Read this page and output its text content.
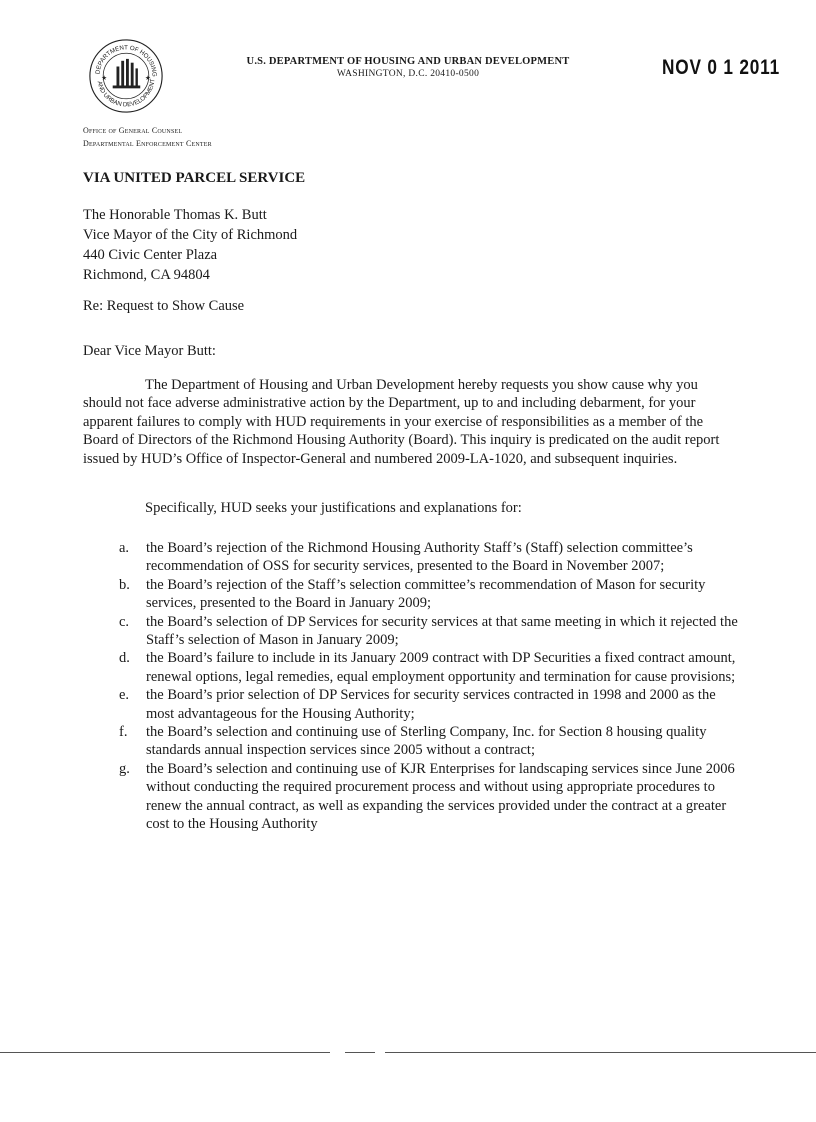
DEPARTMENT OF HOUSING
AND URBAN DEVELOPMENT
★	★
U.S. DEPARTMENT OF HOUSING AND URBAN DEVELOPMENT
WASHINGTON, D.C. 20410-0500	NOV 0 1 2011
Office of General Counsel
Departmental Enforcement Center
VIA UNITED PARCEL SERVICE
The Honorable Thomas K. Butt
Vice Mayor of the City of Richmond
440 Civic Center Plaza
Richmond, CA 94804
Re: Request to Show Cause
Dear Vice Mayor Butt:
The Department of Housing and Urban Development hereby requests you show cause why you should not face adverse administrative action by the Department, up to and including debarment, for your apparent failures to comply with HUD requirements in your exercise of responsibilities as a member of the Board of Directors of the Richmond Housing Authority (Board). This inquiry is predicated on the audit report issued by HUD’s Office of Inspector-General and numbered 2009-LA-1020, and subsequent inquiries.
Specifically, HUD seeks your justifications and explanations for:
a. the Board’s rejection of the Richmond Housing Authority Staff’s (Staff) selection committee’s recommendation of OSS for security services, presented to the Board in November 2007;
b. the Board’s rejection of the Staff’s selection committee’s recommendation of Mason for security services, presented to the Board in January 2009;
c. the Board’s selection of DP Services for security services at that same meeting in which it rejected the Staff’s selection of Mason in January 2009;
d. the Board’s failure to include in its January 2009 contract with DP Securities a fixed contract amount, renewal options, legal remedies, equal employment opportunity and termination for cause provisions;
e. the Board’s prior selection of DP Services for security services contracted in 1998 and 2000 as the most advantageous for the Housing Authority;
f. the Board’s selection and continuing use of Sterling Company, Inc. for Section 8 housing quality standards annual inspection services since 2005 without a contract;
g. the Board’s selection and continuing use of KJR Enterprises for landscaping services since June 2006 without conducting the required procurement process and without using appropriate procedures to renew the annual contract, as well as expanding the services provided under the contract at a greater cost to the Housing Authority
